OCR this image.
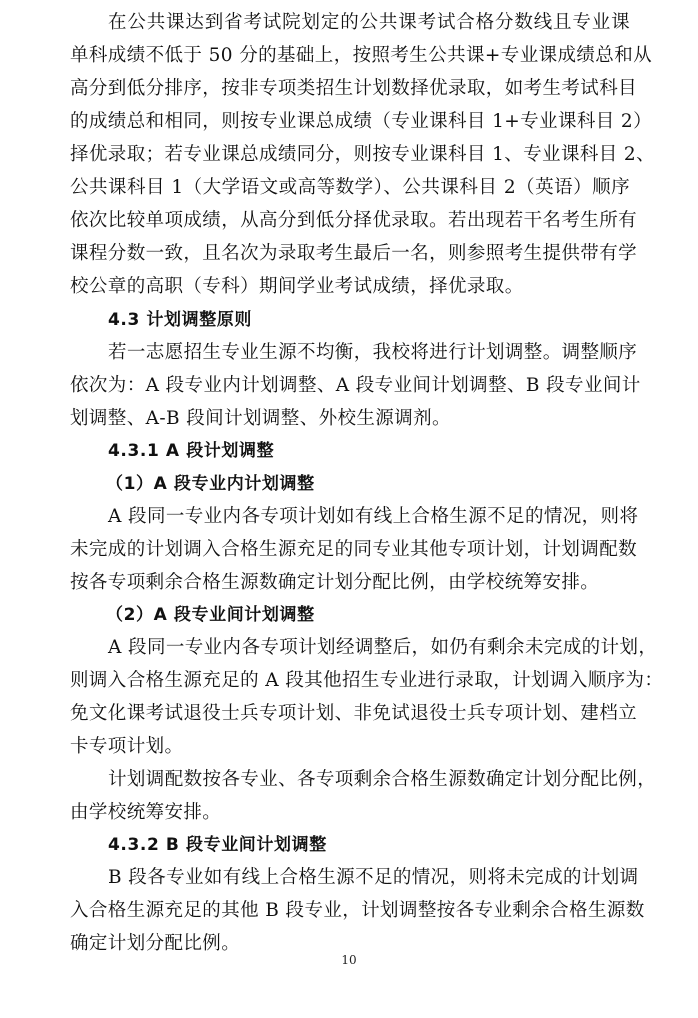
在公共课达到省考试院划定的公共课考试合格分数线且专业课
单科成绩不低于 50 分的基础上，按照考生公共课+专业课成绩总和从
高分到低分排序，按非专项类招生计划数择优录取，如考生考试科目
的成绩总和相同，则按专业课总成绩（专业课科目 1+专业课科目 2）
择优录取；若专业课总成绩同分，则按专业课科目 1、专业课科目 2、
公共课科目 1（大学语文或高等数学）、公共课科目 2（英语）顺序
依次比较单项成绩，从高分到低分择优录取。若出现若干名考生所有
课程分数一致，且名次为录取考生最后一名，则参照考生提供带有学
校公章的高职（专科）期间学业考试成绩，择优录取。
4.3 计划调整原则
若一志愿招生专业生源不均衡，我校将进行计划调整。调整顺序
依次为：A 段专业内计划调整、A 段专业间计划调整、B 段专业间计
划调整、A-B 段间计划调整、外校生源调剂。
4.3.1 A 段计划调整
（1）A 段专业内计划调整
A 段同一专业内各专项计划如有线上合格生源不足的情况，则将
未完成的计划调入合格生源充足的同专业其他专项计划，计划调配数
按各专项剩余合格生源数确定计划分配比例，由学校统筹安排。
（2）A 段专业间计划调整
A 段同一专业内各专项计划经调整后，如仍有剩余未完成的计划，
则调入合格生源充足的 A 段其他招生专业进行录取，计划调入顺序为：
免文化课考试退役士兵专项计划、非免试退役士兵专项计划、建档立
卡专项计划。
计划调配数按各专业、各专项剩余合格生源数确定计划分配比例，
由学校统筹安排。
4.3.2 B 段专业间计划调整
B 段各专业如有线上合格生源不足的情况，则将未完成的计划调
入合格生源充足的其他 B 段专业，计划调整按各专业剩余合格生源数
确定计划分配比例。
10
